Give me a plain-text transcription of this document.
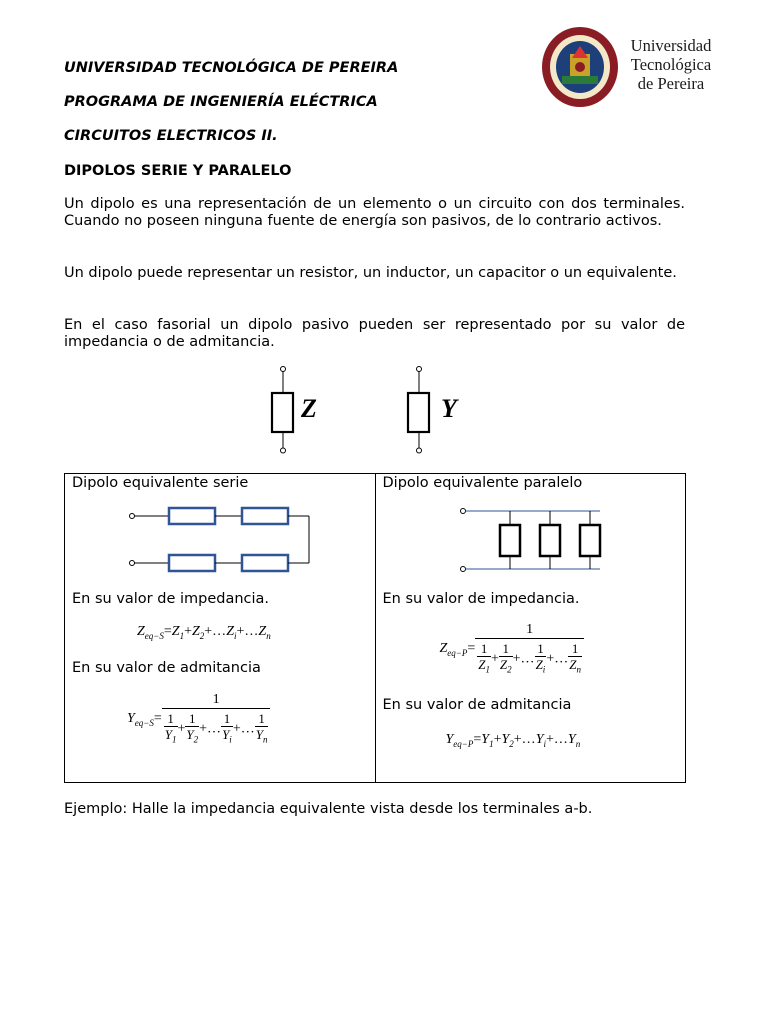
UNIVERSIDAD TECNOLÓGICA DE PEREIRA
PROGRAMA DE INGENIERÍA ELÉCTRICA
CIRCUITOS ELECTRICOS II.
DIPOLOS SERIE Y PARALELO
Universidad
Tecnológica
de Pereira
Un dipolo es una representación de un elemento o un circuito con dos terminales. Cuando no poseen ninguna fuente de energía son pasivos, de lo contrario activos.
Un dipolo puede representar un resistor, un inductor, un capacitor o un equivalente.
En el caso fasorial un dipolo pasivo pueden ser representado por su valor de impedancia o de admitancia.
Z	Y
Dipolo equivalente serie
En su valor de impedancia.
$Z_{eq-S}=Z_1+Z_2+\dots Z_i+\dots Z_n$
En su valor de admitancia
$Y_{eq-S}= \frac{1}{\frac{1}{Y_1} + \frac{1}{Y_2} +\dots \frac{1}{Y_i} +\dots \frac{1}{Y_n}}$

Dipolo equivalente paralelo
En su valor de impedancia.
$Z_{eq-P}= \frac{1}{\frac{1}{Z_1} + \frac{1}{Z_2} +\dots \frac{1}{Z_i} +\dots \frac{1}{Z_n}}$
En su valor de admitancia
$Y_{eq-P}=Y_1+Y_2+\dots Y_i+\dots Y_n$
Ejemplo: Halle la impedancia equivalente vista desde los terminales a-b.
